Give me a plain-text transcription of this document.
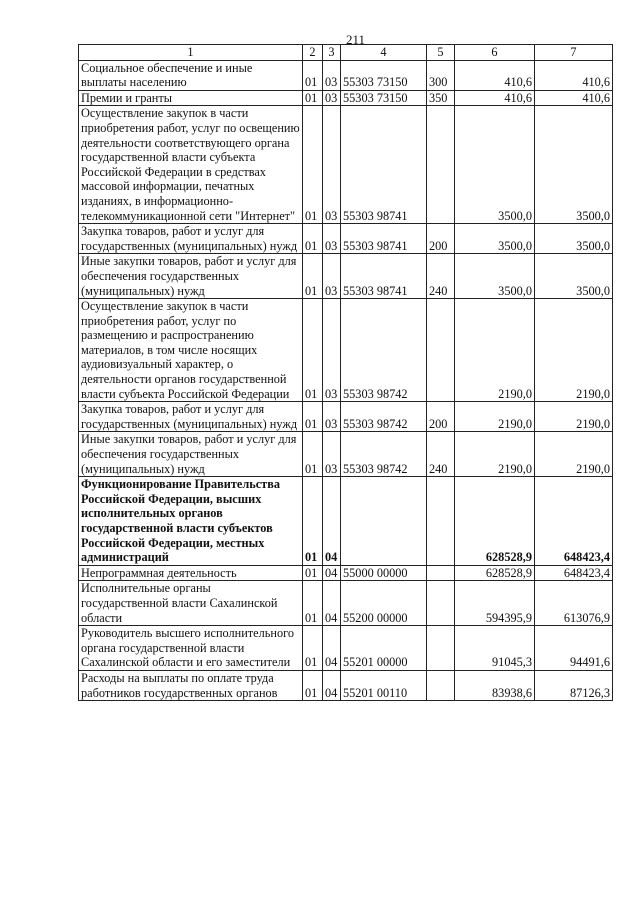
211
1	2	3	4	5	6	7
Социальное обеспечение и иные выплаты населению	01	03	55303 73150	300	410,6	410,6
Премии и гранты	01	03	55303 73150	350	410,6	410,6
Осуществление закупок в части приобретения работ, услуг по освещению деятельности соответствующего органа государственной власти субъекта Российской Федерации в средствах массовой информации, печатных изданиях, в информационно-телекоммуникационной сети "Интернет"	01	03	55303 98741		3500,0	3500,0
Закупка товаров, работ и услуг для государственных (муниципальных) нужд	01	03	55303 98741	200	3500,0	3500,0
Иные закупки товаров, работ и услуг для обеспечения государственных (муниципальных) нужд	01	03	55303 98741	240	3500,0	3500,0
Осуществление закупок в части приобретения работ, услуг по размещению и распространению материалов, в том числе носящих аудиовизуальный характер, о деятельности органов государственной власти субъекта Российской Федерации	01	03	55303 98742		2190,0	2190,0
Закупка товаров, работ и услуг для государственных (муниципальных) нужд	01	03	55303 98742	200	2190,0	2190,0
Иные закупки товаров, работ и услуг для обеспечения государственных (муниципальных) нужд	01	03	55303 98742	240	2190,0	2190,0
Функционирование Правительства Российской Федерации, высших исполнительных органов государственной власти субъектов Российской Федерации, местных администраций	01	04			628528,9	648423,4
Непрограммная деятельность	01	04	55000 00000		628528,9	648423,4
Исполнительные органы государственной власти Сахалинской области	01	04	55200 00000		594395,9	613076,9
Руководитель высшего исполнительного органа государственной власти Сахалинской области и его заместители	01	04	55201 00000		91045,3	94491,6
Расходы на выплаты по оплате труда работников государственных органов	01	04	55201 00110		83938,6	87126,3
